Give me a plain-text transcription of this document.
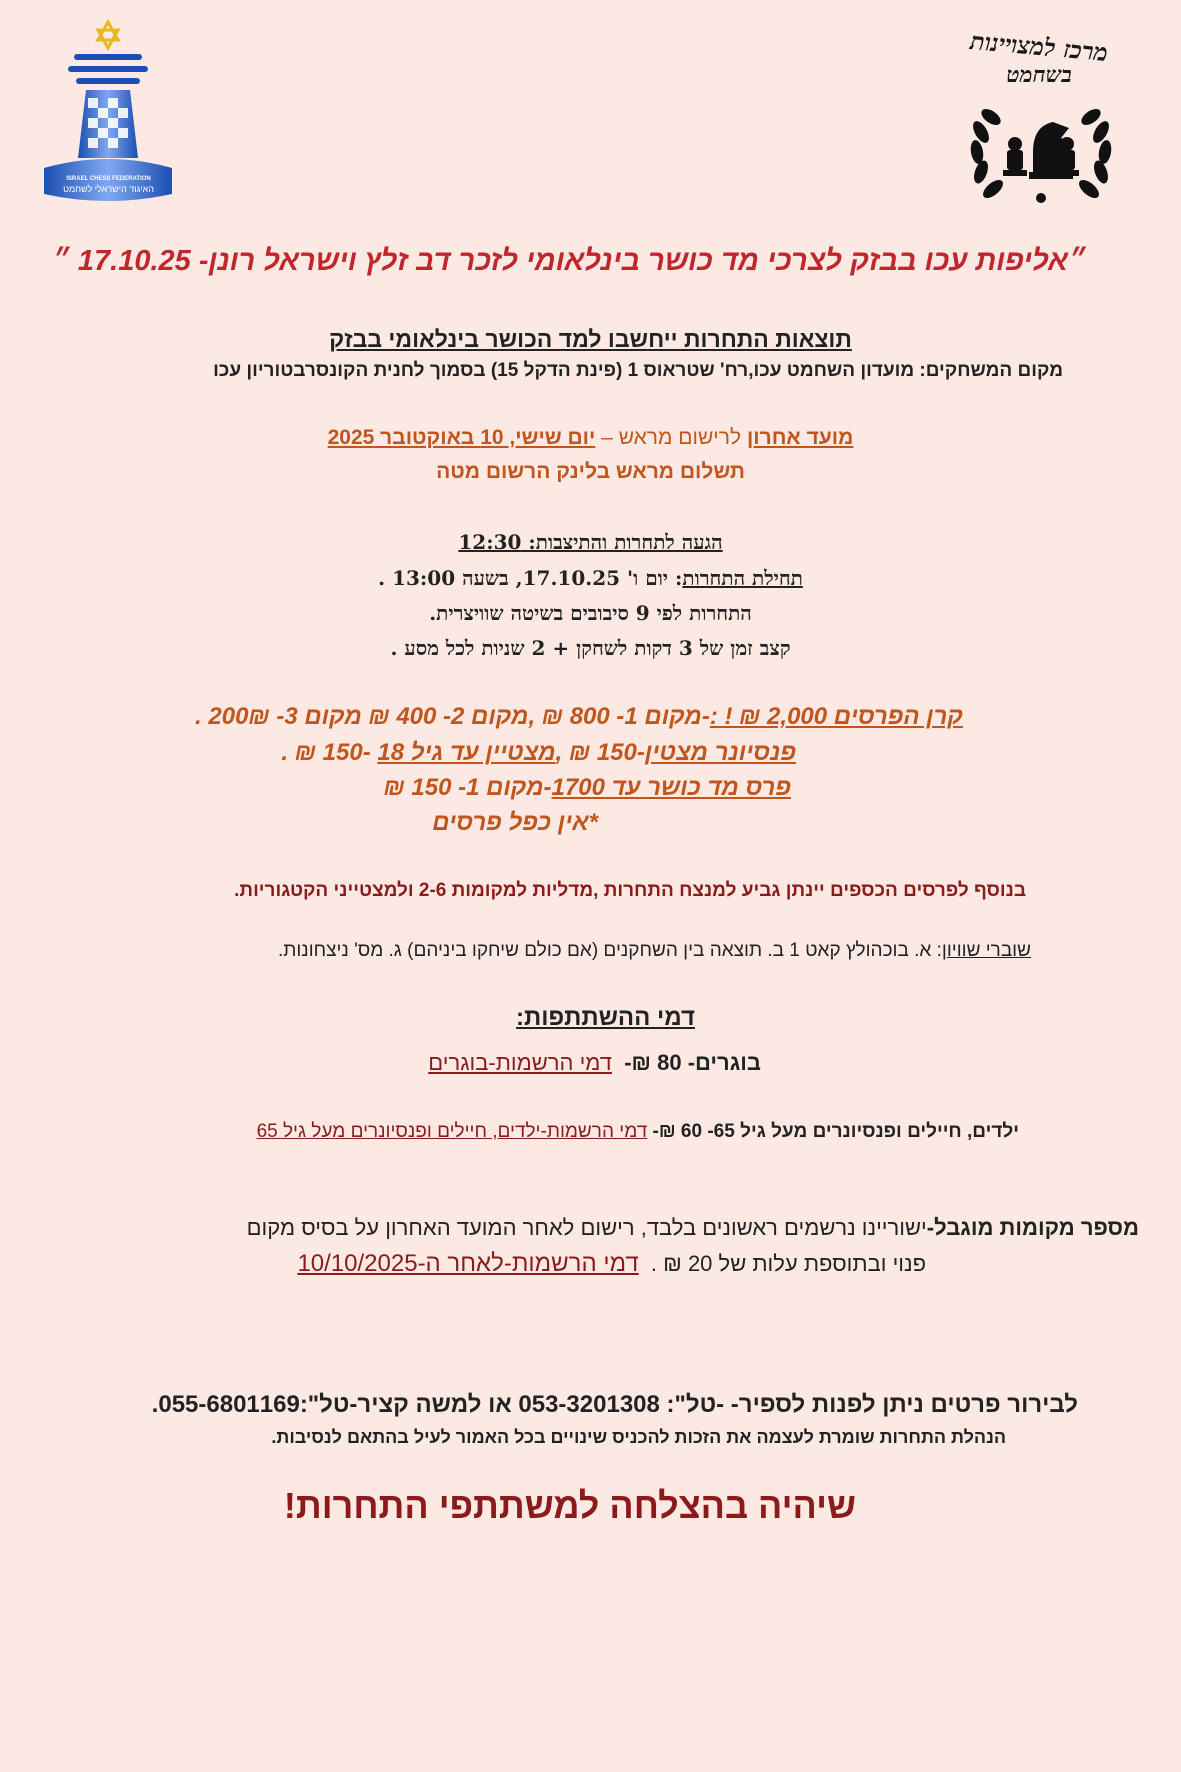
מרכז למצויינות
בשחמט
ISRAEL CHESS FEDERATION
האיגוד הישראלי לשחמט
״אליפות עכו בבזק לצרכי מד כושר בינלאומי לזכר דב זלץ וישראל רונן- 17.10.25 ״
תוצאות התחרות ייחשבו למד הכושר בינלאומי בבזק
מקום המשחקים: מועדון השחמט עכו,רח' שטראוס 1 (פינת הדקל 15) בסמוך לחנית הקונסרבטוריון עכו
מועד אחרון לרישום מראש – יום שישי, 10 באוקטובר 2025
תשלום מראש בלינק הרשום מטה
הגעה לתחרות והתיצבות: 12:30
תחילת התחרות: יום ו' 17.10.25, בשעה 13:00 .
התחרות לפי 9 סיבובים בשיטה שוויצרית.
קצב זמן של 3 דקות לשחקן + 2 שניות לכל מסע .
קרן הפרסים 2,000 ₪ ! :-מקום 1- 800 ₪ ,מקום 2- 400 ₪ מקום 3- 200₪ .
פנסיונר מצטין-150 ₪ ,מצטיין עד גיל 18 -150 ₪ .
פרס מד כושר עד 1700-מקום 1- 150 ₪
*אין כפל פרסים
בנוסף לפרסים הכספים יינתן גביע למנצח התחרות ,מדליות למקומות 2-6 ולמצטייני הקטגוריות.
שוברי שוויון: א. בוכהולץ קאט 1 ב. תוצאה בין השחקנים (אם כולם שיחקו ביניהם) ג. מס' ניצחונות.
דמי ההשתתפות:
בוגרים- 80 ₪-  דמי הרשמות-בוגרים
ילדים, חיילים ופנסיונרים מעל גיל 65- 60 ₪- דמי הרשמות-ילדים, חיילים ופנסיונרים מעל גיל 65
מספר מקומות מוגבל-ישוריינו נרשמים ראשונים בלבד, רישום לאחר המועד האחרון על בסיס מקום
פנוי ובתוספת עלות של 20 ₪ .  דמי הרשמות-לאחר ה-10/10/2025
לבירור פרטים ניתן לפנות לספיר- -טל": 053-3201308 או למשה קציר-טל":055-6801169.
הנהלת התחרות שומרת לעצמה את הזכות להכניס שינויים בכל האמור לעיל בהתאם לנסיבות.
שיהיה בהצלחה למשתתפי התחרות!
